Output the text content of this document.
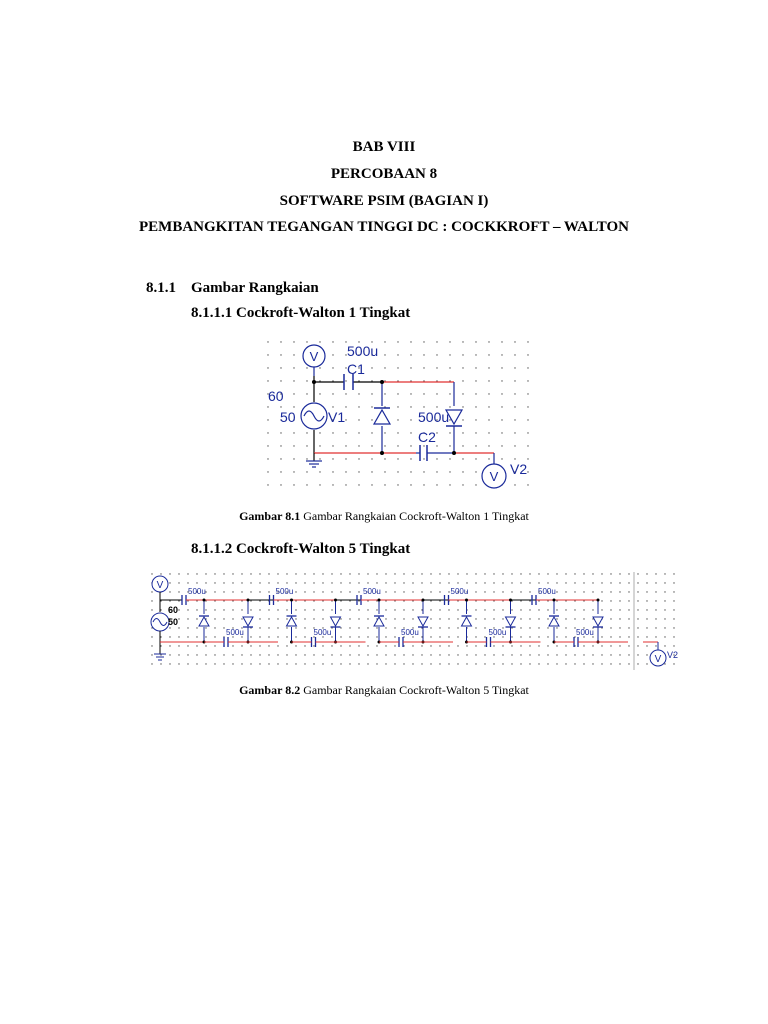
BAB VIII
PERCOBAAN 8
SOFTWARE PSIM (BAGIAN I)
PEMBANGKITAN TEGANGAN TINGGI DC : COCKKROFT – WALTON
8.1.1 Gambar Rangkaian
8.1.1.1 Cockroft-Walton 1 Tingkat
V 500u
C1
60
50 V1	500u
C2
V V2
Gambar 8.1 Gambar Rangkaian Cockroft-Walton 1 Tingkat
8.1.1.2 Cockroft-Walton 5 Tingkat
V
60
50
500u
500u
500u
500u
500u
500u
500u
500u
500u
500u
V V2
Gambar 8.2 Gambar Rangkaian Cockroft-Walton 5 Tingkat
